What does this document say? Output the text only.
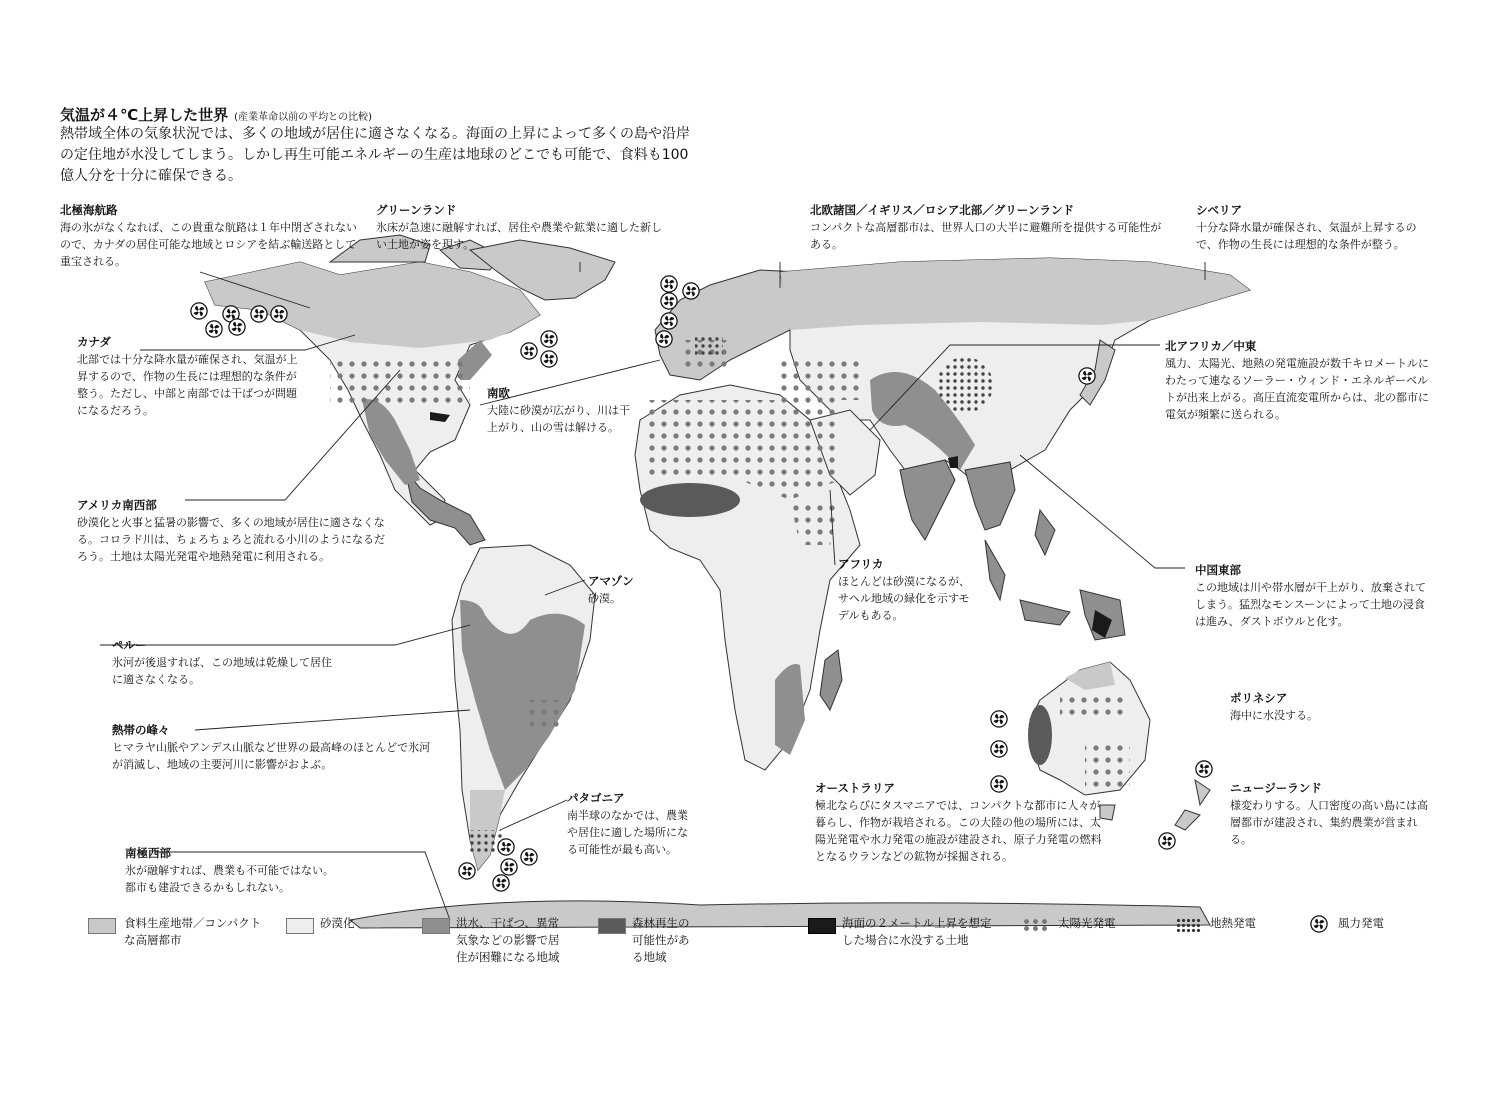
気温が４℃上昇した世界 (産業革命以前の平均との比較)
熱帯域全体の気象状況では、多くの地域が居住に適さなくなる。海面の上昇によって多くの島や沿岸の定住地が水没してしまう。しかし再生可能エネルギーの生産は地球のどこでも可能で、食料も100億人分を十分に確保できる。
北極海航路
海の氷がなくなれば、この貴重な航路は１年中閉ざされないので、カナダの居住可能な地域とロシアを結ぶ輸送路として重宝される。
グリーンランド
氷床が急速に融解すれば、居住や農業や鉱業に適した新しい土地が姿を現す。
北欧諸国／イギリス／ロシア北部／グリーンランド
コンパクトな高層都市は、世界人口の大半に避難所を提供する可能性がある。
シベリア
十分な降水量が確保され、気温が上昇するので、作物の生長には理想的な条件が整う。
カナダ
北部では十分な降水量が確保され、気温が上昇するので、作物の生長には理想的な条件が整う。ただし、中部と南部では干ばつが問題になるだろう。
南欧
大陸に砂漠が広がり、川は干上がり、山の雪は解ける。
北アフリカ／中東
風力、太陽光、地熱の発電施設が数千キロメートルにわたって連なるソーラー・ウィンド・エネルギーベルトが出来上がる。高圧直流変電所からは、北の都市に電気が頻繁に送られる。
アメリカ南西部
砂漠化と火事と猛暑の影響で、多くの地域が居住に適さなくなる。コロラド川は、ちょろちょろと流れる小川のようになるだろう。土地は太陽光発電や地熱発電に利用される。
アマゾン
砂漠。
アフリカ
ほとんどは砂漠になるが、サヘル地域の緑化を示すモデルもある。
中国東部
この地域は川や帯水層が干上がり、放棄されてしまう。猛烈なモンスーンによって土地の浸食は進み、ダストボウルと化す。
ペルー
氷河が後退すれば、この地域は乾燥して居住に適さなくなる。
ポリネシア
海中に水没する。
熱帯の峰々
ヒマラヤ山脈やアンデス山脈など世界の最高峰のほとんどで氷河が消滅し、地域の主要河川に影響がおよぶ。
オーストラリア
極北ならびにタスマニアでは、コンパクトな都市に人々が暮らし、作物が栽培される。この大陸の他の場所には、太陽光発電や水力発電の施設が建設され、原子力発電の燃料となるウランなどの鉱物が採掘される。
ニュージーランド
様変わりする。人口密度の高い島には高層都市が建設され、集約農業が営まれる。
パタゴニア
南半球のなかでは、農業や居住に適した場所になる可能性が最も高い。
南極西部
氷が融解すれば、農業も不可能ではない。都市も建設できるかもしれない。
食料生産地帯／コンパクトな高層都市
砂漠化	洪水、干ばつ、異常気象などの影響で居住が困難になる地域
森林再生の可能性がある地域
海面の２メートル上昇を想定した場合に水没する土地
太陽光発電	地熱発電	風力発電
